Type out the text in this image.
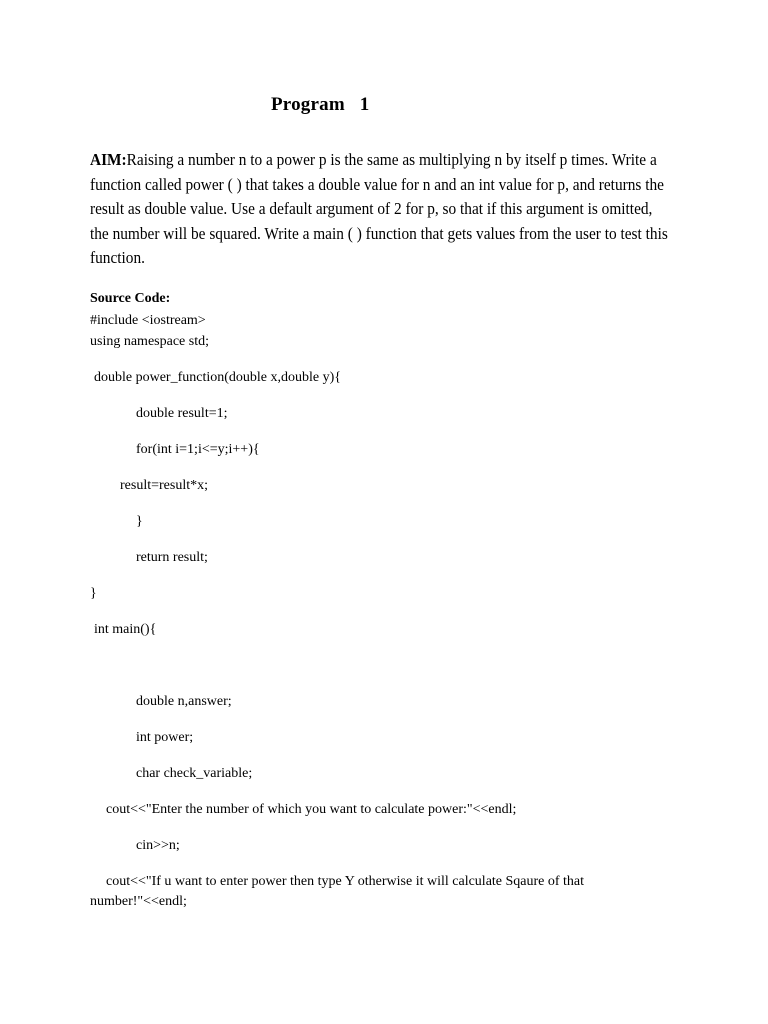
Program   1
AIM:Raising a number n to a power p is the same as multiplying n by itself p times. Write a function called power ( ) that takes a double value for n and an int value for p, and returns the result as double value. Use a default argument of 2 for p, so that if this argument is omitted, the number will be squared. Write a main ( ) function that gets values from the user to test this function.
Source Code:
#include <iostream>
using namespace std;
double power_function(double x,double y){
double result=1;
for(int i=1;i<=y;i++){
result=result*x;
}
return result;
}
int main(){
double n,answer;
int power;
char check_variable;
cout<<"Enter the number of which you want to calculate power:"<<endl;
cin>>n;
cout<<"If u want to enter power then type Y otherwise it will calculate Sqaure of that
number!"<<endl;
